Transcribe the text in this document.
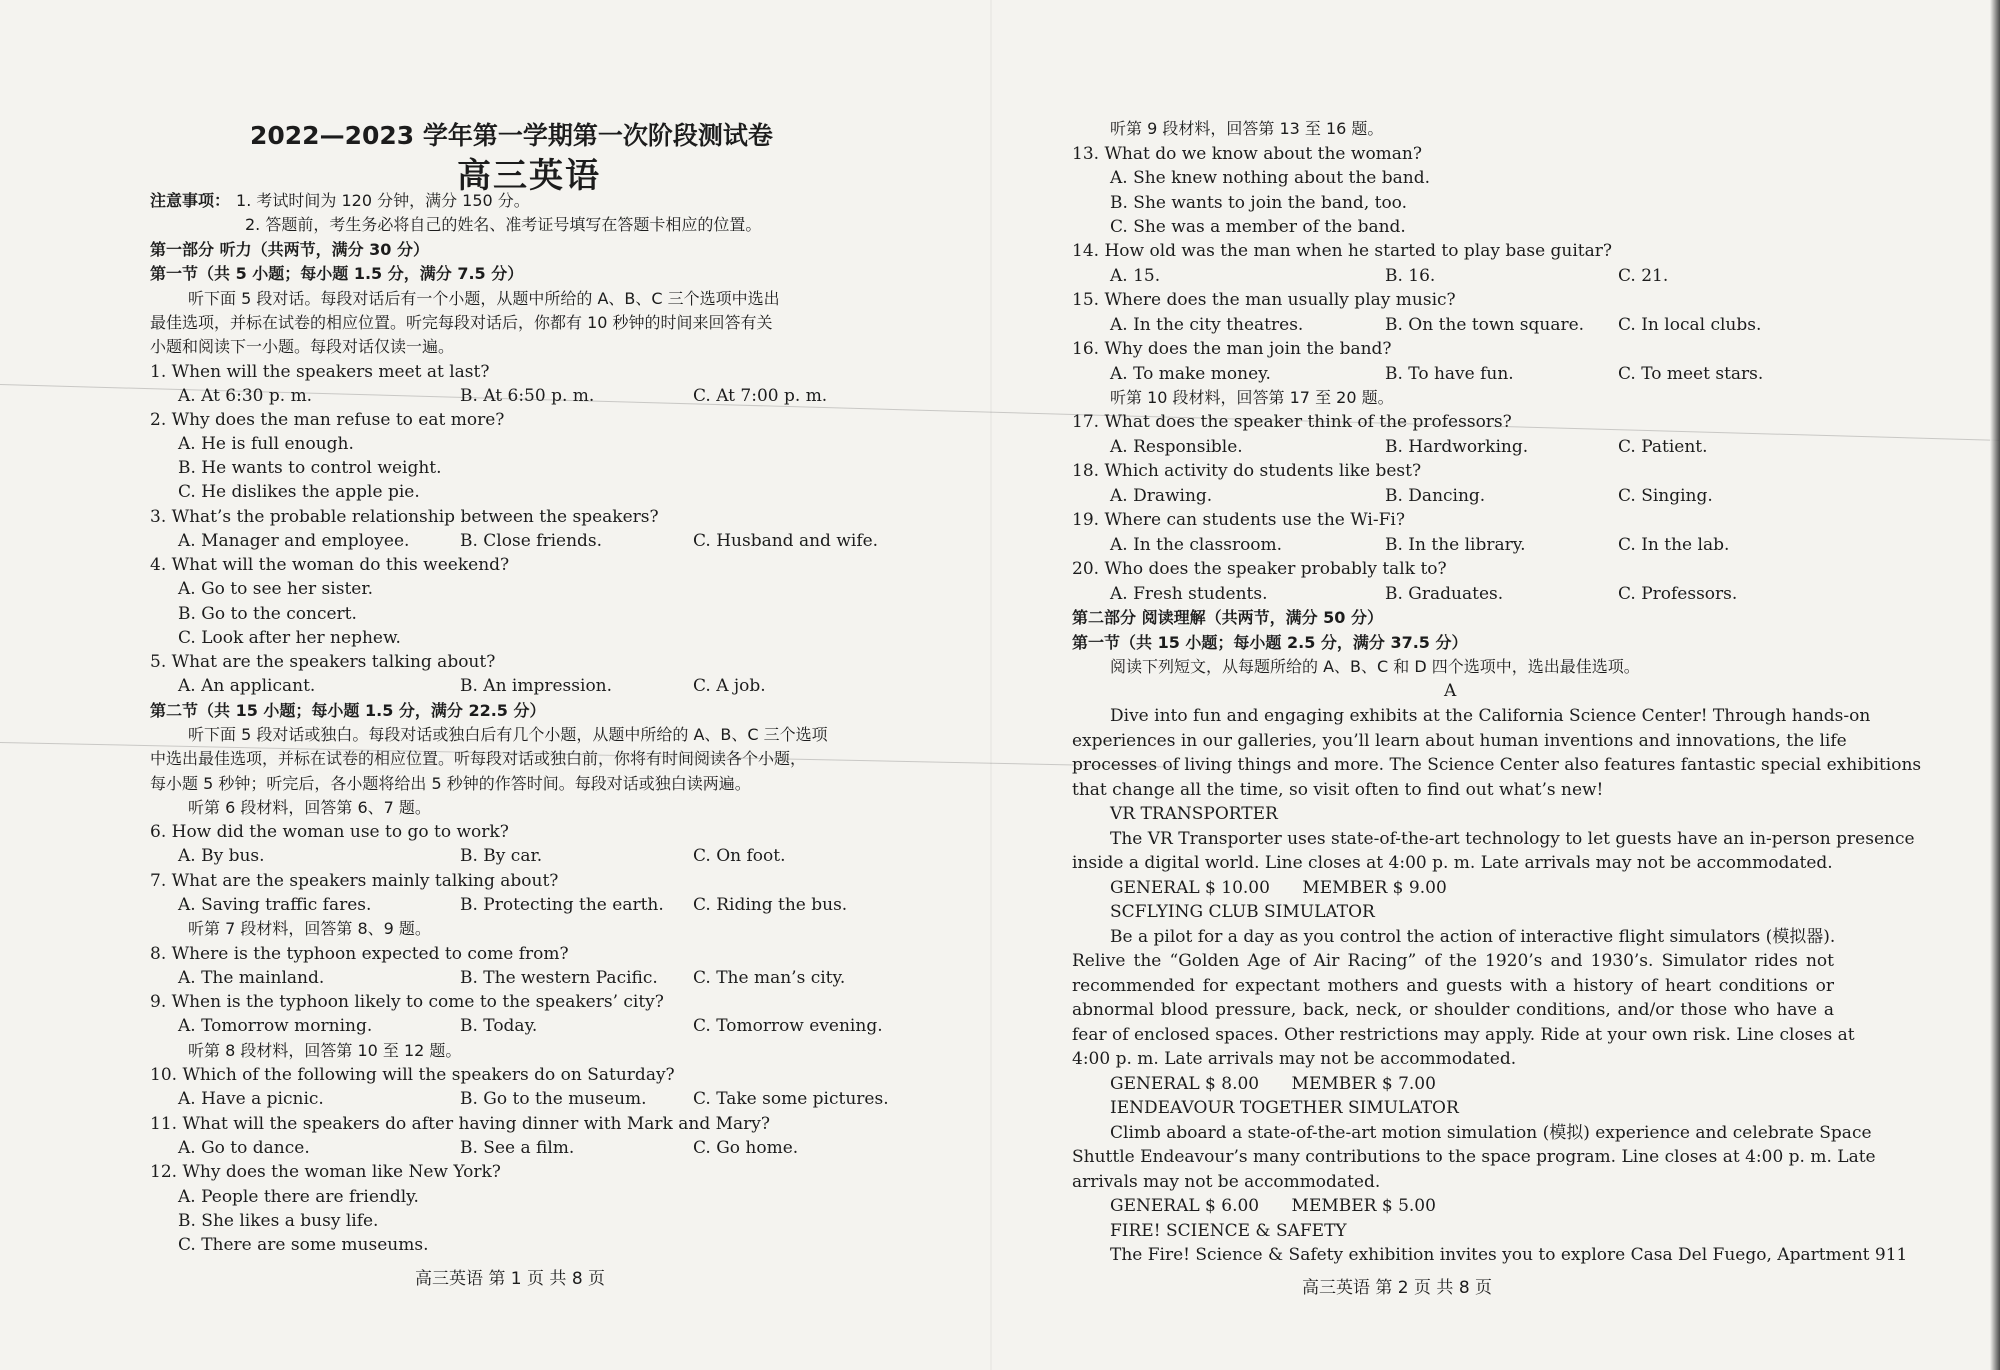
2022—2023 学年第一学期第一次阶段测试卷
高三英语
注意事项： 1. 考试时间为 120 分钟，满分 150 分。
2. 答题前，考生务必将自己的姓名、准考证号填写在答题卡相应的位置。
第一部分 听力（共两节，满分 30 分）
第一节（共 5 小题；每小题 1.5 分，满分 7.5 分）
听下面 5 段对话。每段对话后有一个小题，从题中所给的 A、B、C 三个选项中选出
最佳选项，并标在试卷的相应位置。听完每段对话后，你都有 10 秒钟的时间来回答有关
小题和阅读下一小题。每段对话仅读一遍。
1. When will the speakers meet at last?
A. At 6:30 p. m.	B. At 6:50 p. m.	C. At 7:00 p. m.
2. Why does the man refuse to eat more?
A. He is full enough.
B. He wants to control weight.
C. He dislikes the apple pie.
3. What’s the probable relationship between the speakers?
A. Manager and employee.	B. Close friends.	C. Husband and wife.
4. What will the woman do this weekend?
A. Go to see her sister.
B. Go to the concert.
C. Look after her nephew.
5. What are the speakers talking about?
A. An applicant.	B. An impression.	C. A job.
第二节（共 15 小题；每小题 1.5 分，满分 22.5 分）
听下面 5 段对话或独白。每段对话或独白后有几个小题，从题中所给的 A、B、C 三个选项
中选出最佳选项，并标在试卷的相应位置。听每段对话或独白前，你将有时间阅读各个小题，
每小题 5 秒钟；听完后，各小题将给出 5 秒钟的作答时间。每段对话或独白读两遍。
听第 6 段材料，回答第 6、7 题。
6. How did the woman use to go to work?
A. By bus.	B. By car.	C. On foot.
7. What are the speakers mainly talking about?
A. Saving traffic fares.	B. Protecting the earth. C. Riding the bus.
听第 7 段材料，回答第 8、9 题。
8. Where is the typhoon expected to come from?
A. The mainland.	B. The western Pacific. C. The man’s city.
9. When is the typhoon likely to come to the speakers’ city?
A. Tomorrow morning.	B. Today.	C. Tomorrow evening.
听第 8 段材料，回答第 10 至 12 题。
10. Which of the following will the speakers do on Saturday?
A. Have a picnic.	B. Go to the museum.	C. Take some pictures.
11. What will the speakers do after having dinner with Mark and Mary?
A. Go to dance.	B. See a film.	C. Go home.
12. Why does the woman like New York?
A. People there are friendly.
B. She likes a busy life.
C. There are some museums.
高三英语 第 1 页 共 8 页
听第 9 段材料，回答第 13 至 16 题。
13. What do we know about the woman?
A. She knew nothing about the band.
B. She wants to join the band, too.
C. She was a member of the band.
14. How old was the man when he started to play base guitar?
A. 15.	B. 16.	C. 21.
15. Where does the man usually play music?
A. In the city theatres.	B. On the town square. C. In local clubs.
16. Why does the man join the band?
A. To make money.	B. To have fun.	C. To meet stars.
听第 10 段材料，回答第 17 至 20 题。
17. What does the speaker think of the professors?
A. Responsible.	B. Hardworking.	C. Patient.
18. Which activity do students like best?
A. Drawing.	B. Dancing.	C. Singing.
19. Where can students use the Wi-Fi?
A. In the classroom.	B. In the library.	C. In the lab.
20. Who does the speaker probably talk to?
A. Fresh students.	B. Graduates.	C. Professors.
第二部分 阅读理解（共两节，满分 50 分）
第一节（共 15 小题；每小题 2.5 分，满分 37.5 分）
阅读下列短文，从每题所给的 A、B、C 和 D 四个选项中，选出最佳选项。
A
Dive into fun and engaging exhibits at the California Science Center! Through hands-on
experiences in our galleries, you’ll learn about human inventions and innovations, the life
processes of living things and more. The Science Center also features fantastic special exhibitions
that change all the time, so visit often to find out what’s new!
VR TRANSPORTER
The VR Transporter uses state-of-the-art technology to let guests have an in-person presence
inside a digital world. Line closes at 4:00 p. m. Late arrivals may not be accommodated.
GENERAL $ 10.00      MEMBER $ 9.00
SCFLYING CLUB SIMULATOR
Be a pilot for a day as you control the action of interactive flight simulators (模拟器).
Relive the “Golden Age of Air Racing” of the 1920’s and 1930’s. Simulator rides not
recommended for expectant mothers and guests with a history of heart conditions or
abnormal blood pressure, back, neck, or shoulder conditions, and/or those who have a
fear of enclosed spaces. Other restrictions may apply. Ride at your own risk. Line closes at
4:00 p. m. Late arrivals may not be accommodated.
GENERAL $ 8.00      MEMBER $ 7.00
IENDEAVOUR TOGETHER SIMULATOR
Climb aboard a state-of-the-art motion simulation (模拟) experience and celebrate Space
Shuttle Endeavour’s many contributions to the space program. Line closes at 4:00 p. m. Late
arrivals may not be accommodated.
GENERAL $ 6.00      MEMBER $ 5.00
FIRE! SCIENCE & SAFETY
The Fire! Science & Safety exhibition invites you to explore Casa Del Fuego, Apartment 911
高三英语 第 2 页 共 8 页
